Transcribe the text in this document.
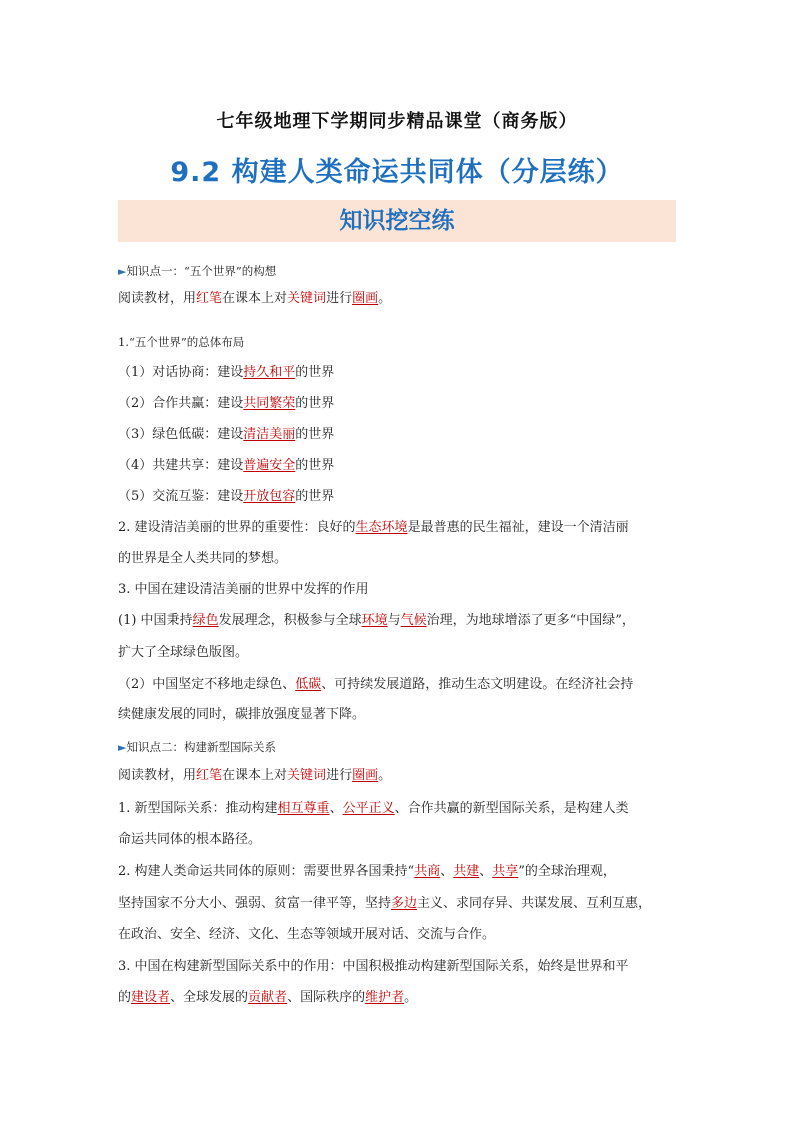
七年级地理下学期同步精品课堂（商务版）
9.2 构建人类命运共同体（分层练）
知识挖空练
►知识点一：“五个世界”的构想
阅读教材，用红笔在课本上对关键词进行圈画。
1.“五个世界”的总体布局
（1）对话协商：建设持久和平的世界
（2）合作共赢：建设共同繁荣的世界
（3）绿色低碳：建设清洁美丽的世界
（4）共建共享：建设普遍安全的世界
（5）交流互鉴：建设开放包容的世界
2. 建设清洁美丽的世界的重要性：良好的生态环境是最普惠的民生福祉，建设一个清洁丽
的世界是全人类共同的梦想。
3. 中国在建设清洁美丽的世界中发挥的作用
(1) 中国秉持绿色发展理念，积极参与全球环境与气候治理，为地球增添了更多“中国绿”，
扩大了全球绿色版图。
（2）中国坚定不移地走绿色、低碳、可持续发展道路，推动生态文明建设。在经济社会持
续健康发展的同时，碳排放强度显著下降。
►知识点二：构建新型国际关系
阅读教材，用红笔在课本上对关键词进行圈画。
1. 新型国际关系：推动构建相互尊重、公平正义、合作共赢的新型国际关系，是构建人类
命运共同体的根本路径。
2. 构建人类命运共同体的原则：需要世界各国秉持“共商、共建、共享”的全球治理观，
坚持国家不分大小、强弱、贫富一律平等，坚持多边主义、求同存异、共谋发展、互利互惠，
在政治、安全、经济、文化、生态等领域开展对话、交流与合作。
3. 中国在构建新型国际关系中的作用：中国积极推动构建新型国际关系，始终是世界和平
的建设者、全球发展的贡献者、国际秩序的维护者。
